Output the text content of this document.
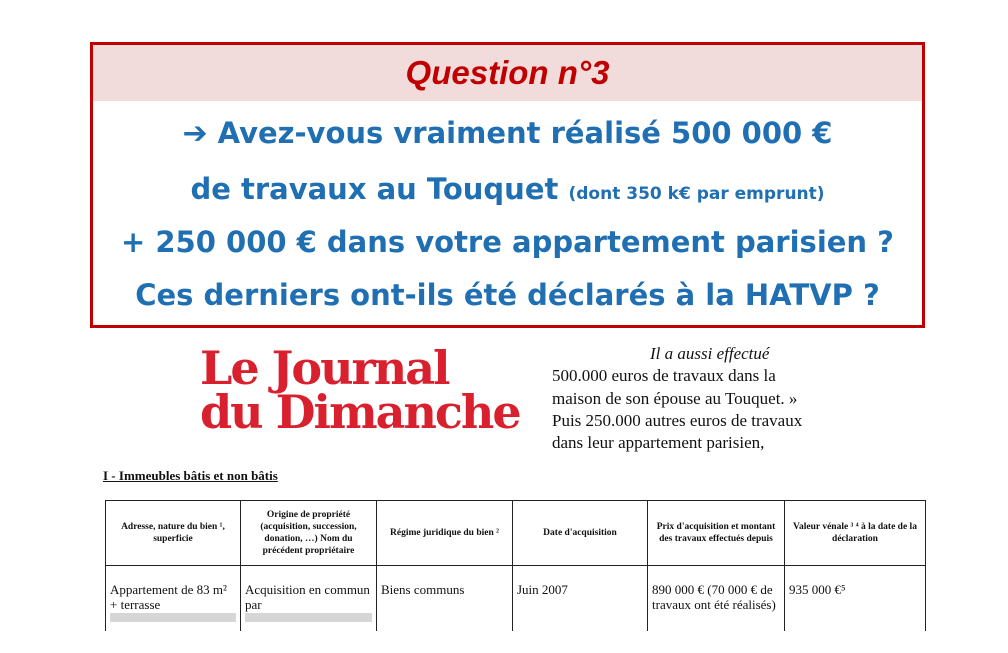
Question n°3
➔ Avez-vous vraiment réalisé 500 000 €
de travaux au Touquet (dont 350 k€ par emprunt)
+ 250 000 € dans votre appartement parisien ?
Ces derniers ont-ils été déclarés à la HATVP ?
Le Journal
du Dimanche
Il a aussi effectué
500.000 euros de travaux dans la
maison de son épouse au Touquet. »
Puis 250.000 autres euros de travaux
dans leur appartement parisien,
I - Immeubles bâtis et non bâtis
Adresse, nature du bien ¹, superficie	Origine de propriété (acquisition, succession, donation, …) Nom du précédent propriétaire	Régime juridique du bien ²	Date d'acquisition	Prix d'acquisition et montant des travaux effectués depuis	Valeur vénale ³ ⁴ à la date de la déclaration
Appartement de 83 m² + terrasse	Acquisition en commun par	Biens communs	Juin 2007	890 000 € (70 000 € de travaux ont été réalisés)	935 000 €⁵
